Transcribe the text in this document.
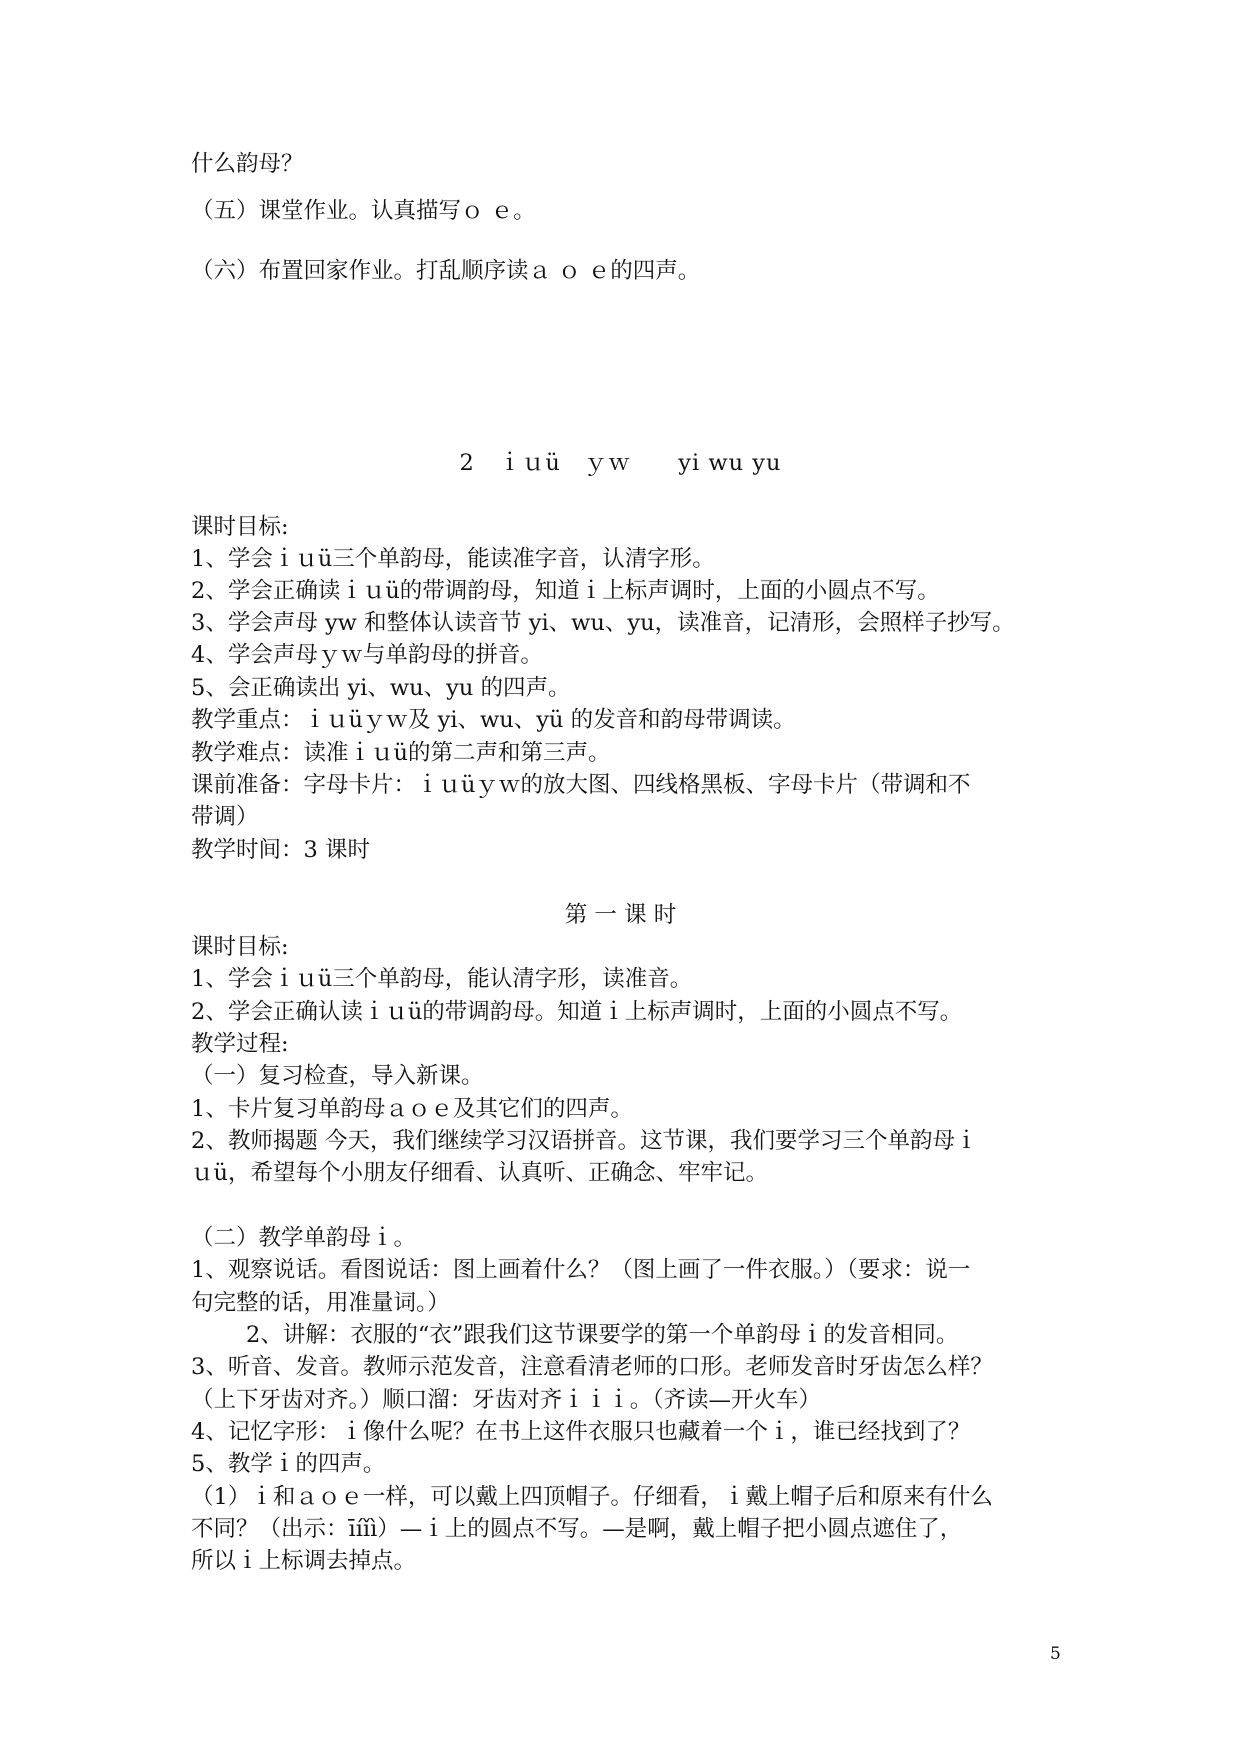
什么韵母？
（五）课堂作业。认真描写ｏ ｅ。
（六）布置回家作业。打乱顺序读ａ ｏ ｅ的四声。
2　ｉｕü　ｙｗ　　yi wu yu
课时目标:
1、学会ｉｕü三个单韵母，能读准字音，认清字形。
2、学会正确读ｉｕü的带调韵母，知道ｉ上标声调时，上面的小圆点不写。
3、学会声母 yw 和整体认读音节 yi、wu、yu，读准音，记清形，会照样子抄写。
4、学会声母ｙｗ与单韵母的拼音。
5、会正确读出 yi、wu、yu 的四声。
教学重点：ｉｕüｙｗ及 yi、wu、yü 的发音和韵母带调读。
教学难点：读准ｉｕü的第二声和第三声。
课前准备：字母卡片：ｉｕüｙｗ的放大图、四线格黑板、字母卡片（带调和不
带调）
教学时间：3 课时
第 一 课 时
课时目标:
1、学会ｉｕü三个单韵母，能认清字形，读准音。
2、学会正确认读ｉｕü的带调韵母。知道ｉ上标声调时，上面的小圆点不写。
教学过程:
（一）复习检查，导入新课。
1、卡片复习单韵母ａｏｅ及其它们的四声。
2、教师揭题 今天，我们继续学习汉语拼音。这节课，我们要学习三个单韵母ｉ
ｕü，希望每个小朋友仔细看、认真听、正确念、牢牢记。
（二）教学单韵母ｉ。
1、观察说话。看图说话：图上画着什么？（图上画了一件衣服。）（要求：说一
句完整的话，用准量词。）
2、讲解：衣服的“衣”跟我们这节课要学的第一个单韵母ｉ的发音相同。
3、听音、发音。教师示范发音，注意看清老师的口形。老师发音时牙齿怎么样？
（上下牙齿对齐。）顺口溜：牙齿对齐ｉｉｉ。（齐读—开火车）
4、记忆字形：ｉ像什么呢？在书上这件衣服只也藏着一个ｉ，谁已经找到了？
5、教学ｉ的四声。
（1）ｉ和ａｏｅ一样，可以戴上四顶帽子。仔细看，ｉ戴上帽子后和原来有什么
不同？（出示：īíǐì）—ｉ上的圆点不写。—是啊，戴上帽子把小圆点遮住了，
所以ｉ上标调去掉点。
5
